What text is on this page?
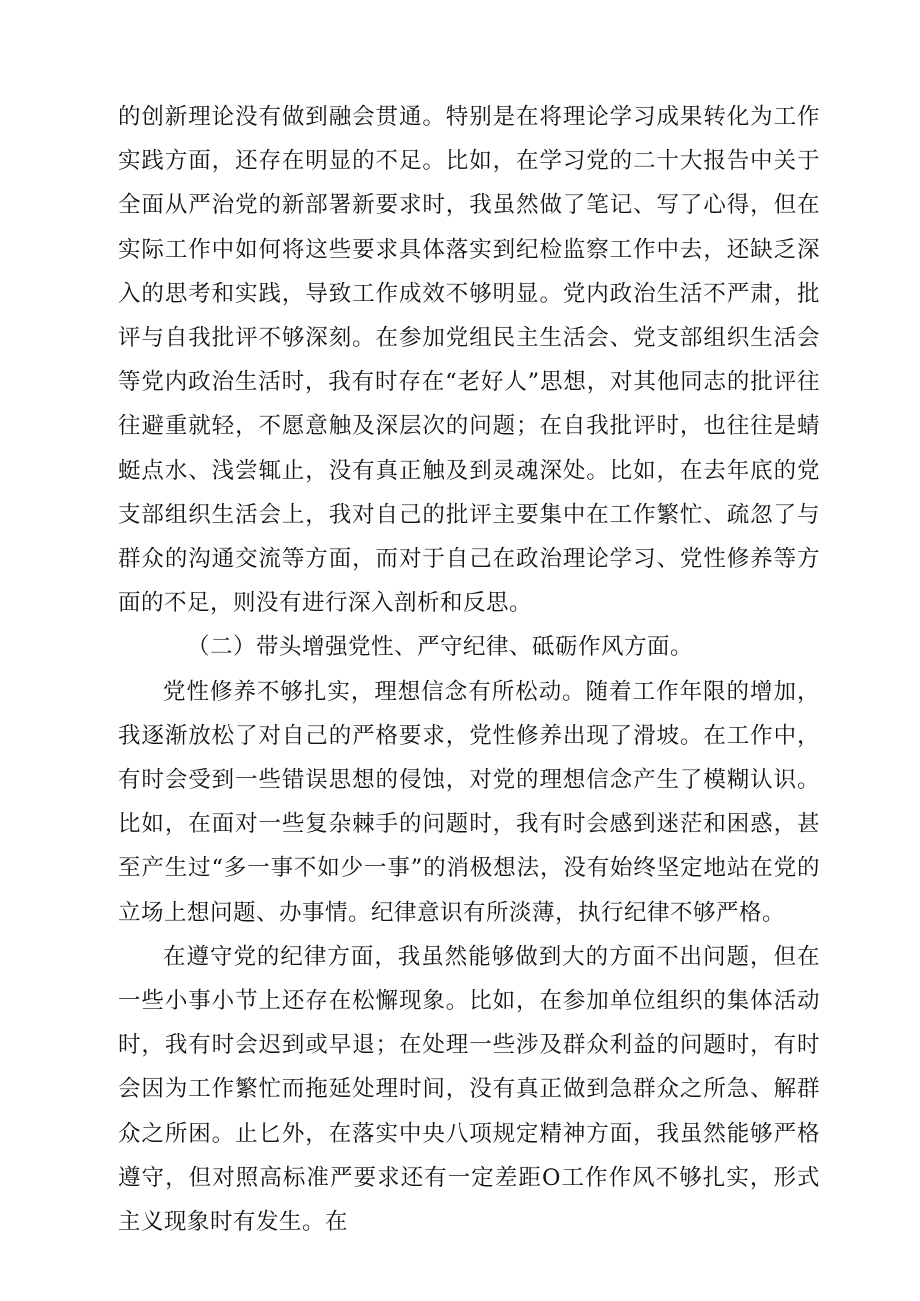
的创新理论没有做到融会贯通。特别是在将理论学习成果转化为工作实践方面，还存在明显的不足。比如，在学习党的二十大报告中关于全面从严治党的新部署新要求时，我虽然做了笔记、写了心得，但在实际工作中如何将这些要求具体落实到纪检监察工作中去，还缺乏深入的思考和实践，导致工作成效不够明显。党内政治生活不严肃，批评与自我批评不够深刻。在参加党组民主生活会、党支部组织生活会等党内政治生活时，我有时存在“老好人”思想，对其他同志的批评往往避重就轻，不愿意触及深层次的问题；在自我批评时，也往往是蜻蜓点水、浅尝辄止，没有真正触及到灵魂深处。比如，在去年底的党支部组织生活会上，我对自己的批评主要集中在工作繁忙、疏忽了与群众的沟通交流等方面，而对于自己在政治理论学习、党性修养等方面的不足，则没有进行深入剖析和反思。

（二）带头增强党性、严守纪律、砥砺作风方面。

党性修养不够扎实，理想信念有所松动。随着工作年限的增加，我逐渐放松了对自己的严格要求，党性修养出现了滑坡。在工作中，有时会受到一些错误思想的侵蚀，对党的理想信念产生了模糊认识。比如，在面对一些复杂棘手的问题时，我有时会感到迷茫和困惑，甚至产生过“多一事不如少一事”的消极想法，没有始终坚定地站在党的立场上想问题、办事情。纪律意识有所淡薄，执行纪律不够严格。

在遵守党的纪律方面，我虽然能够做到大的方面不出问题，但在一些小事小节上还存在松懈现象。比如，在参加单位组织的集体活动时，我有时会迟到或早退；在处理一些涉及群众利益的问题时，有时会因为工作繁忙而拖延处理时间，没有真正做到急群众之所急、解群众之所困。止匕外，在落实中央八项规定精神方面，我虽然能够严格遵守，但对照高标准严要求还有一定差距O工作作风不够扎实，形式主义现象时有发生。在
